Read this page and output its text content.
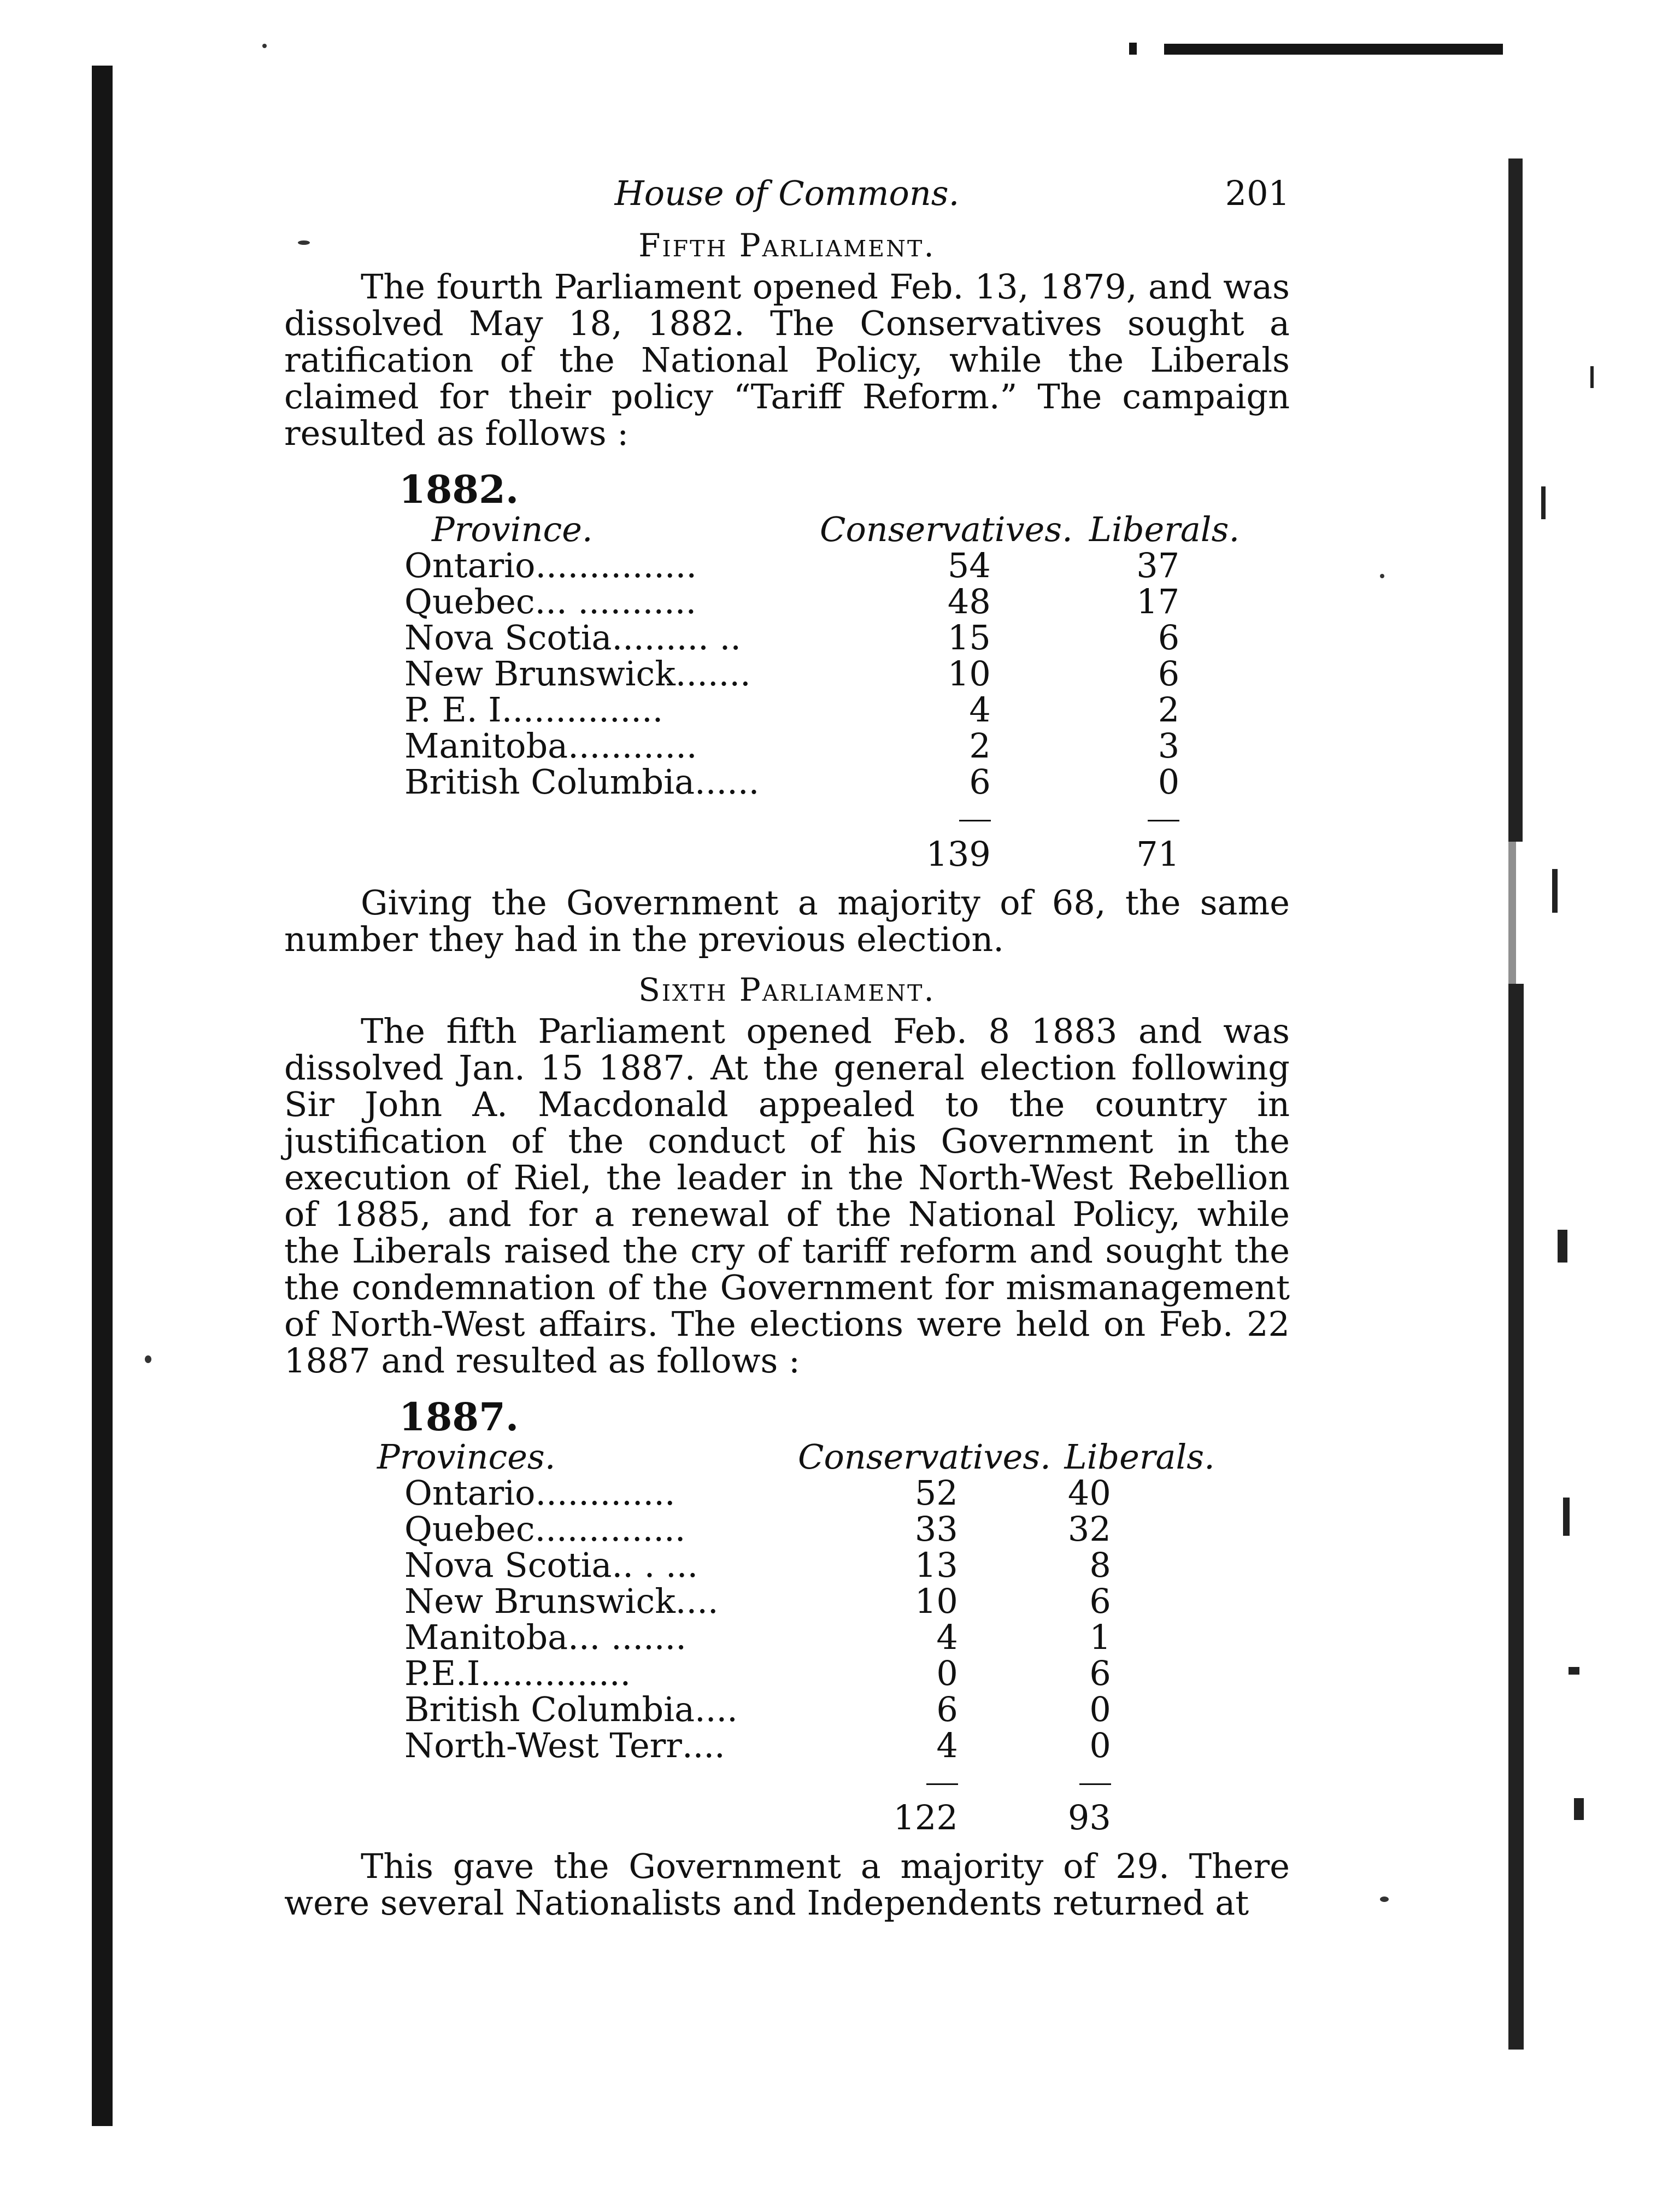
House of Commons.	201
Fifth Parliament.

The fourth Parliament opened Feb. 13, 1879, and was dissolved May 18, 1882. The Conservatives sought a ratification of the National Policy, while the Liberals claimed for their policy “Tariff Reform.” The campaign resulted as follows :

1882.
Province.	Conservatives.	Liberals.
Ontario...............	54	37
Quebec... ...........	48	17
Nova Scotia......... ..	15	6
New Brunswick.......	10	6
P. E. I...............	4	2
Manitoba............	2	3
British Columbia......	6	0

	139	71

Giving the Government a majority of 68, the same number they had in the previous election.

Sixth Parliament.

The fifth Parliament opened Feb. 8 1883 and was dissolved Jan. 15 1887. At the general election following Sir John A. Macdonald appealed to the country in justification of the conduct of his Government in the execution of Riel, the leader in the North-West Rebellion of 1885, and for a renewal of the National Policy, while the Liberals raised the cry of tariff reform and sought the the condemnation of the Government for mismanagement of North-West affairs. The elections were held on Feb. 22 1887 and resulted as follows :

1887.
Provinces.	Conservatives.	Liberals.
Ontario.............	52	40
Quebec..............	33	32
Nova Scotia.. . ...	13	8
New Brunswick....	10	6
Manitoba... .......	4	1
P.E.I..............	0	6
British Columbia....	6	0
North-West Terr....	4	0

	122	93

This gave the Government a majority of 29. There were several Nationalists and Independents returned at
